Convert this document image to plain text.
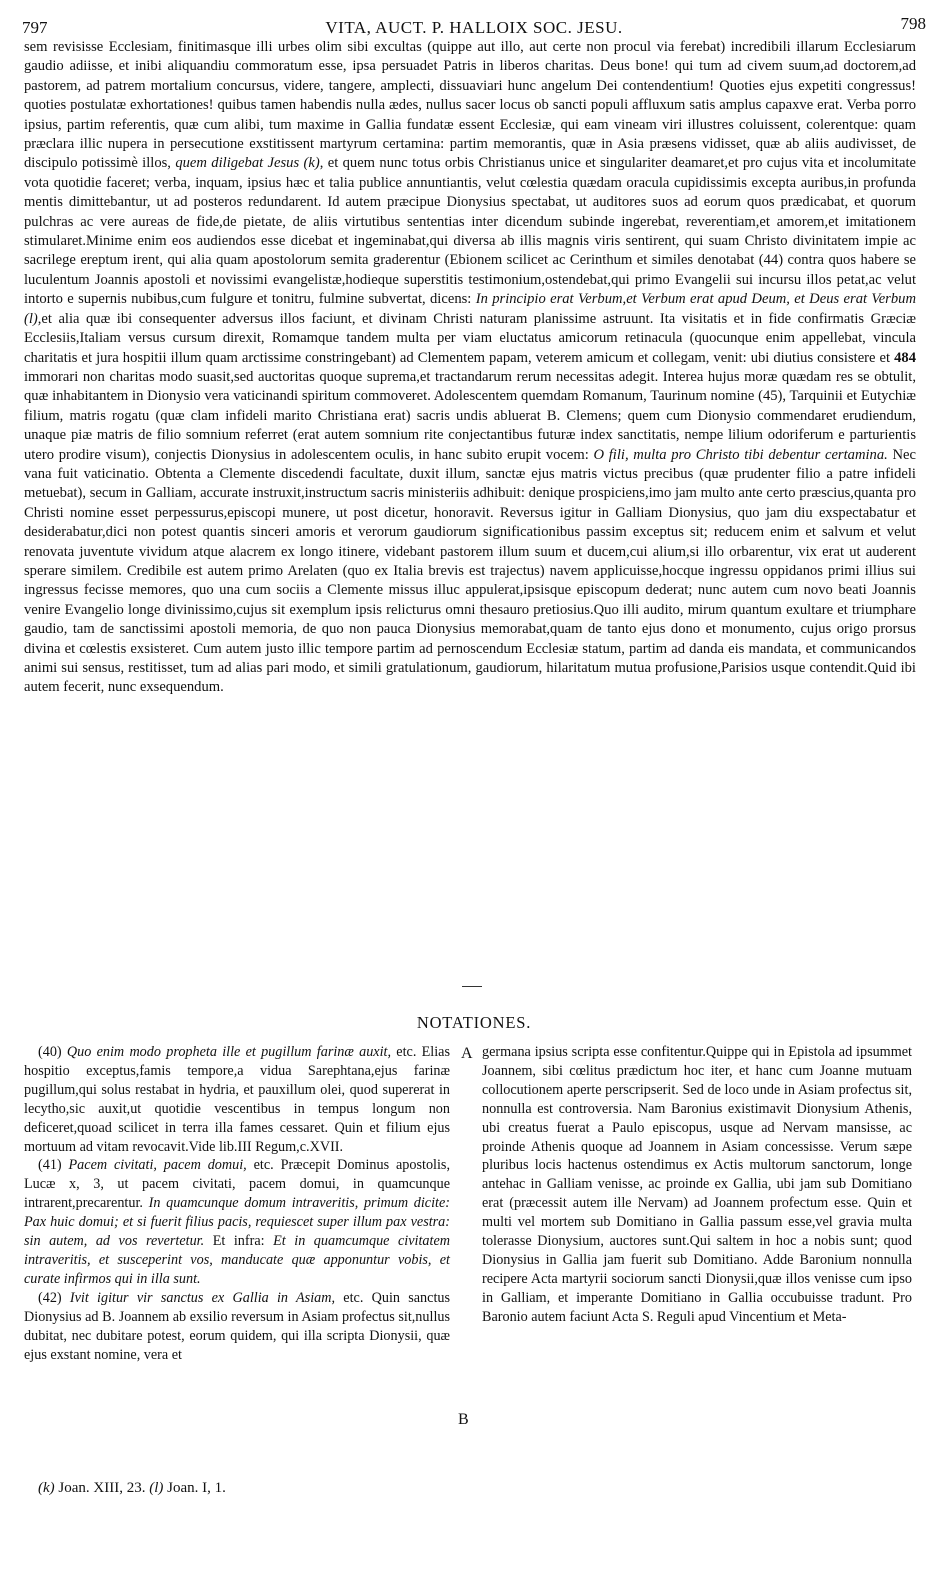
797	VITA, AUCT. P. HALLOIX SOC. JESU.	798

sem revisisse Ecclesiam, finitimasque illi urbes olim sibi excultas (quippe aut illo, aut certe non procul via ferebat) incredibili illarum Ecclesiarum gaudio adiisse, et inibi aliquandiu commoratum esse, ipsa persuadet Patris in liberos charitas. Deus bone! qui tum ad civem suum,ad doctorem,ad pastorem, ad patrem mortalium concursus, videre, tangere, amplecti, dissuaviari hunc angelum Dei contendentium! Quoties ejus expetiti congressus! quoties postulatæ exhortationes! quibus tamen habendis nulla ædes, nullus sacer locus ob sancti populi affluxum satis amplus capaxve erat. Verba porro ipsius, partim referentis, quæ cum alibi, tum maxime in Gallia fundatæ essent Ecclesiæ, qui eam vineam viri illustres coluissent, colerentque: quam præclara illic nupera in persecutione exstitissent martyrum certamina: partim memorantis, quæ in Asia præsens vidisset, quæ ab aliis audivisset, de discipulo potissimè illos, quem diligebat Jesus (k), et quem nunc totus orbis Christianus unice et singulariter deamaret,et pro cujus vita et incolumitate vota quotidie faceret; verba, inquam, ipsius hæc et talia publice annuntiantis, velut cœlestia quædam oracula cupidissimis excepta auribus,in profunda mentis dimittebantur, ut ad posteros redundarent. Id autem præcipue Dionysius spectabat, ut auditores suos ad eorum quos prædicabat, et quorum pulchras ac vere aureas de fide,de pietate, de aliis virtutibus sententias inter dicendum subinde ingerebat, reverentiam,et amorem,et imitationem stimularet.Minime enim eos audiendos esse dicebat et ingeminabat,qui diversa ab illis magnis viris sentirent, qui suam Christo divinitatem impie ac sacrilege ereptum irent, qui alia quam apostolorum semita graderentur (Ebionem scilicet ac Cerinthum et similes denotabat (44) contra quos habere se luculentum Joannis apostoli et novissimi evangelistæ,hodieque superstitis testimonium,ostendebat,qui primo Evangelii sui incursu illos petat,ac velut intorto e supernis nubibus,cum fulgure et tonitru, fulmine subvertat, dicens: In principio erat Verbum,et Verbum erat apud Deum, et Deus erat Verbum (l),et alia quæ ibi consequenter adversus illos faciunt, et divinam Christi naturam planissime astruunt. Ita visitatis et in fide confirmatis Græciæ Ecclesiis,Italiam versus cursum direxit, Romamque tandem multa per viam eluctatus amicorum retinacula (quocunque enim appellebat, vincula charitatis et jura hospitii illum quam arctissime constringebant) ad Clementem papam, veterem amicum et collegam, venit: ubi diutius consistere et 484 immorari non charitas modo suasit,sed auctoritas quoque suprema,et tractandarum rerum necessitas adegit. Interea hujus moræ quædam res se obtulit, quæ inhabitantem in Dionysio vera vaticinandi spiritum commoveret. Adolescentem quemdam Romanum, Taurinum nomine (45), Tarquinii et Eutychiæ filium, matris rogatu (quæ clam infideli marito Christiana erat) sacris undis abluerat B. Clemens; quem cum Dionysio commendaret erudiendum, unaque piæ matris de filio somnium referret (erat autem somnium rite conjectantibus futuræ index sanctitatis, nempe lilium odoriferum e parturientis utero prodire visum), conjectis Dionysius in adolescentem oculis, in hanc subito erupit vocem: O fili, multa pro Christo tibi debentur certamina. Nec vana fuit vaticinatio. Obtenta a Clemente discedendi facultate, duxit illum, sanctæ ejus matris victus precibus (quæ prudenter filio a patre infideli metuebat), secum in Galliam, accurate instruxit,instructum sacris ministeriis adhibuit: denique prospiciens,imo jam multo ante certo præscius,quanta pro Christi nomine esset perpessurus,episcopi munere, ut post dicetur, honoravit. Reversus igitur in Galliam Dionysius, quo jam diu exspectabatur et desiderabatur,dici non potest quantis sinceri amoris et verorum gaudiorum significationibus passim exceptus sit; reducem enim et salvum et velut renovata juventute vividum atque alacrem ex longo itinere, videbant pastorem illum suum et ducem,cui alium,si illo orbarentur, vix erat ut auderent sperare similem. Credibile est autem primo Arelaten (quo ex Italia brevis est trajectus) navem applicuisse,hocque ingressu oppidanos primi illius sui ingressus fecisse memores, quo una cum sociis a Clemente missus illuc appulerat,ipsisque episcopum dederat; nunc autem cum novo beati Joannis venire Evangelio longe divinissimo,cujus sit exemplum ipsis relicturus omni thesauro pretiosius.Quo illi audito, mirum quantum exultare et triumphare gaudio, tam de sanctissimi apostoli memoria, de quo non pauca Dionysius memorabat,quam de tanto ejus dono et monumento, cujus origo prorsus divina et cœlestis exsisteret. Cum autem justo illic tempore partim ad pernoscendum Ecclesiæ statum, partim ad danda eis mandata, et communicandos animi sui sensus, restitisset, tum ad alias pari modo, et simili gratulationum, gaudiorum, hilaritatum mutua profusione,Parisios usque contendit.Quid ibi autem fecerit, nunc exsequendum.

NOTATIONES.
A
B

(40) Quo enim modo propheta ille et pugillum farinæ auxit, etc. Elias hospitio exceptus,famis tempore,a vidua Sarephtana,ejus farinæ pugillum,qui solus restabat in hydria, et pauxillum olei, quod supererat in lecytho,sic auxit,ut quotidie vescentibus in tempus longum non deficeret,quoad scilicet in terra illa fames cessaret. Quin et filium ejus mortuum ad vitam revocavit.Vide lib.III Regum,c.XVII.

(41) Pacem civitati, pacem domui, etc. Præcepit Dominus apostolis, Lucæ x, 3, ut pacem civitati, pacem domui, in quamcunque intrarent,precarentur. In quamcunque domum intraveritis, primum dicite: Pax huic domui; et si fuerit filius pacis, requiescet super illum pax vestra: sin autem, ad vos revertetur. Et infra: Et in quamcumque civitatem intraveritis, et susceperint vos, manducate quæ apponuntur vobis, et curate infirmos qui in illa sunt.

(42) Ivit igitur vir sanctus ex Gallia in Asiam, etc. Quin sanctus Dionysius ad B. Joannem ab exsilio reversum in Asiam profectus sit,nullus dubitat, nec dubitare potest, eorum quidem, qui illa scripta Dionysii, quæ ejus exstant nomine, vera et

germana ipsius scripta esse confitentur.Quippe qui in Epistola ad ipsummet Joannem, sibi cœlitus prædictum hoc iter, et hanc cum Joanne mutuam collocutionem aperte perscripserit. Sed de loco unde in Asiam profectus sit, nonnulla est controversia. Nam Baronius existimavit Dionysium Athenis, ubi creatus fuerat a Paulo episcopus, usque ad Nervam mansisse, ac proinde Athenis quoque ad Joannem in Asiam concessisse. Verum sæpe pluribus locis hactenus ostendimus ex Actis multorum sanctorum, longe antehac in Galliam venisse, ac proinde ex Gallia, ubi jam sub Domitiano erat (præcessit autem ille Nervam) ad Joannem profectum esse. Quin et multi vel mortem sub Domitiano in Gallia passum esse,vel gravia multa tolerasse Dionysium, auctores sunt.Qui saltem in hoc a nobis sunt; quod Dionysius in Gallia jam fuerit sub Domitiano. Adde Baronium nonnulla recipere Acta martyrii sociorum sancti Dionysii,quæ illos venisse cum ipso in Galliam, et imperante Domitiano in Gallia occubuisse tradunt. Pro Baronio autem faciunt Acta S. Reguli apud Vincentium et Meta-

(k) Joan. XIII, 23. (l) Joan. I, 1.
